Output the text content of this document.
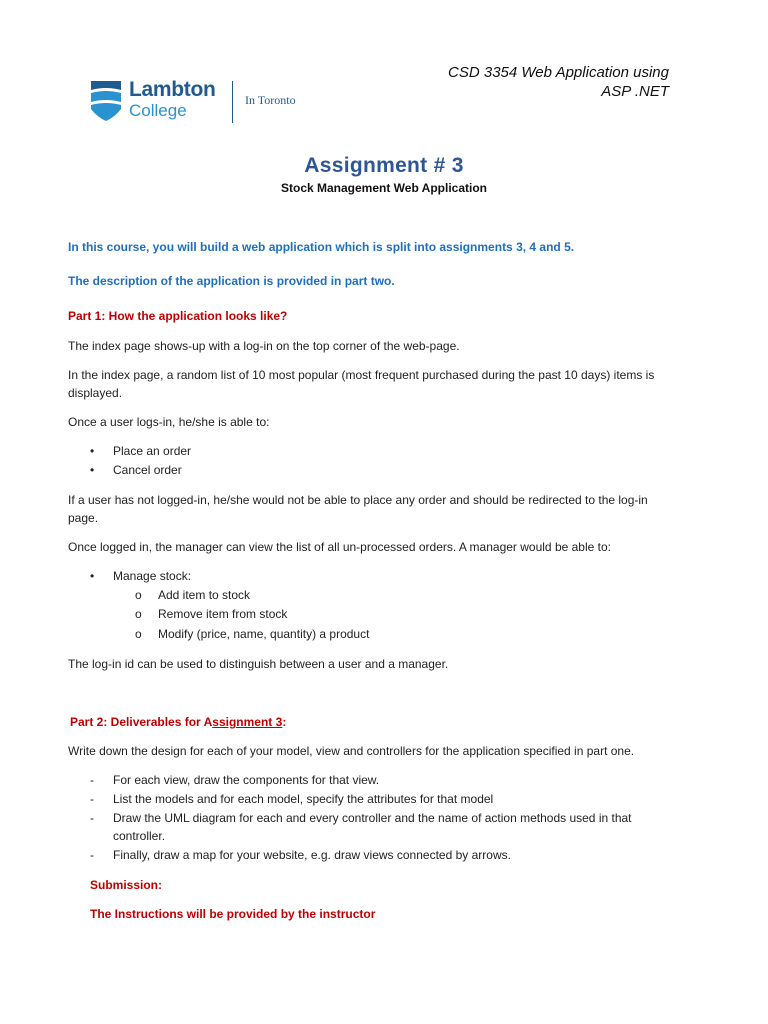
Lambton
College
In Toronto
CSD 3354 Web Application using
ASP .NET
Assignment # 3
Stock Management Web Application

In this course, you will build a web application which is split into assignments 3, 4 and 5.

The description of the application is provided in part two.

Part 1: How the application looks like?

The index page shows-up with a log-in on the top corner of the web-page.

In the index page, a random list of 10 most popular (most frequent purchased during the past 10 days) items is

displayed.

Once a user logs-in, he/she is able to:

• Place an order
• Cancel order

If a user has not logged-in, he/she would not be able to place any order and should be redirected to the log-in

page.

Once logged in, the manager can view the list of all un-processed orders. A manager would be able to:

• Manage stock:
o Add item to stock
o Remove item from stock
o Modify (price, name, quantity) a product

The log-in id can be used to distinguish between a user and a manager.

Part 2: Deliverables for Assignment 3:

Write down the design for each of your model, view and controllers for the application specified in part one.

- For each view, draw the components for that view.
- List the models and for each model, specify the attributes for that model
- Draw the UML diagram for each and every controller and the name of action methods used in that controller.
- Finally, draw a map for your website, e.g. draw views connected by arrows.

Submission:

The Instructions will be provided by the instructor
